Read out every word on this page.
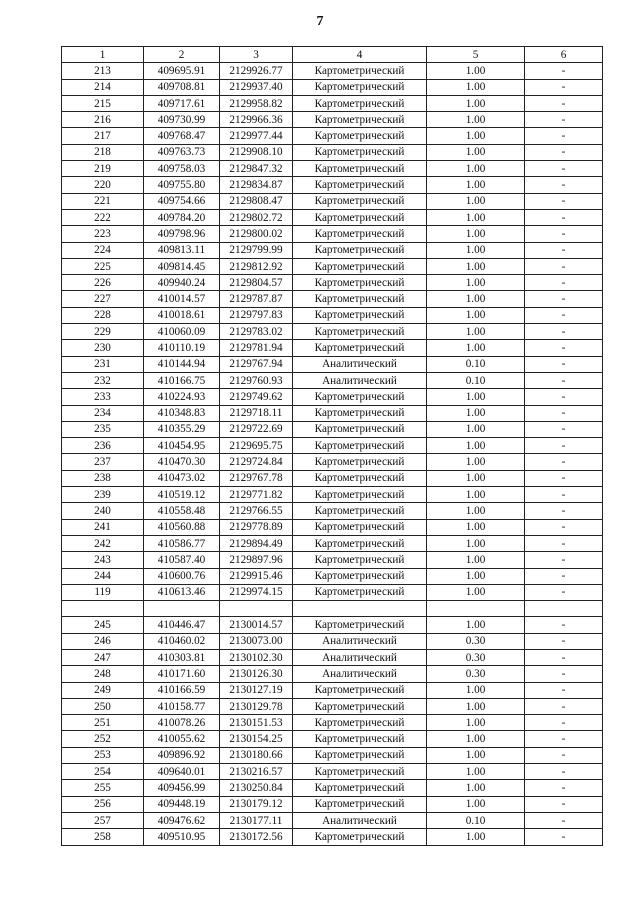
7
1	2	3	4	5	6
213	409695.91	2129926.77	Картометрический	1.00	-
214	409708.81	2129937.40	Картометрический	1.00	-
215	409717.61	2129958.82	Картометрический	1.00	-
216	409730.99	2129966.36	Картометрический	1.00	-
217	409768.47	2129977.44	Картометрический	1.00	-
218	409763.73	2129908.10	Картометрический	1.00	-
219	409758.03	2129847.32	Картометрический	1.00	-
220	409755.80	2129834.87	Картометрический	1.00	-
221	409754.66	2129808.47	Картометрический	1.00	-
222	409784.20	2129802.72	Картометрический	1.00	-
223	409798.96	2129800.02	Картометрический	1.00	-
224	409813.11	2129799.99	Картометрический	1.00	-
225	409814.45	2129812.92	Картометрический	1.00	-
226	409940.24	2129804.57	Картометрический	1.00	-
227	410014.57	2129787.87	Картометрический	1.00	-
228	410018.61	2129797.83	Картометрический	1.00	-
229	410060.09	2129783.02	Картометрический	1.00	-
230	410110.19	2129781.94	Картометрический	1.00	-
231	410144.94	2129767.94	Аналитический	0.10	-
232	410166.75	2129760.93	Аналитический	0.10	-
233	410224.93	2129749.62	Картометрический	1.00	-
234	410348.83	2129718.11	Картометрический	1.00	-
235	410355.29	2129722.69	Картометрический	1.00	-
236	410454.95	2129695.75	Картометрический	1.00	-
237	410470.30	2129724.84	Картометрический	1.00	-
238	410473.02	2129767.78	Картометрический	1.00	-
239	410519.12	2129771.82	Картометрический	1.00	-
240	410558.48	2129766.55	Картометрический	1.00	-
241	410560.88	2129778.89	Картометрический	1.00	-
242	410586.77	2129894.49	Картометрический	1.00	-
243	410587.40	2129897.96	Картометрический	1.00	-
244	410600.76	2129915.46	Картометрический	1.00	-
119	410613.46	2129974.15	Картометрический	1.00	-

245	410446.47	2130014.57	Картометрический	1.00	-
246	410460.02	2130073.00	Аналитический	0.30	-
247	410303.81	2130102.30	Аналитический	0.30	-
248	410171.60	2130126.30	Аналитический	0.30	-
249	410166.59	2130127.19	Картометрический	1.00	-
250	410158.77	2130129.78	Картометрический	1.00	-
251	410078.26	2130151.53	Картометрический	1.00	-
252	410055.62	2130154.25	Картометрический	1.00	-
253	409896.92	2130180.66	Картометрический	1.00	-
254	409640.01	2130216.57	Картометрический	1.00	-
255	409456.99	2130250.84	Картометрический	1.00	-
256	409448.19	2130179.12	Картометрический	1.00	-
257	409476.62	2130177.11	Аналитический	0.10	-
258	409510.95	2130172.56	Картометрический	1.00	-
